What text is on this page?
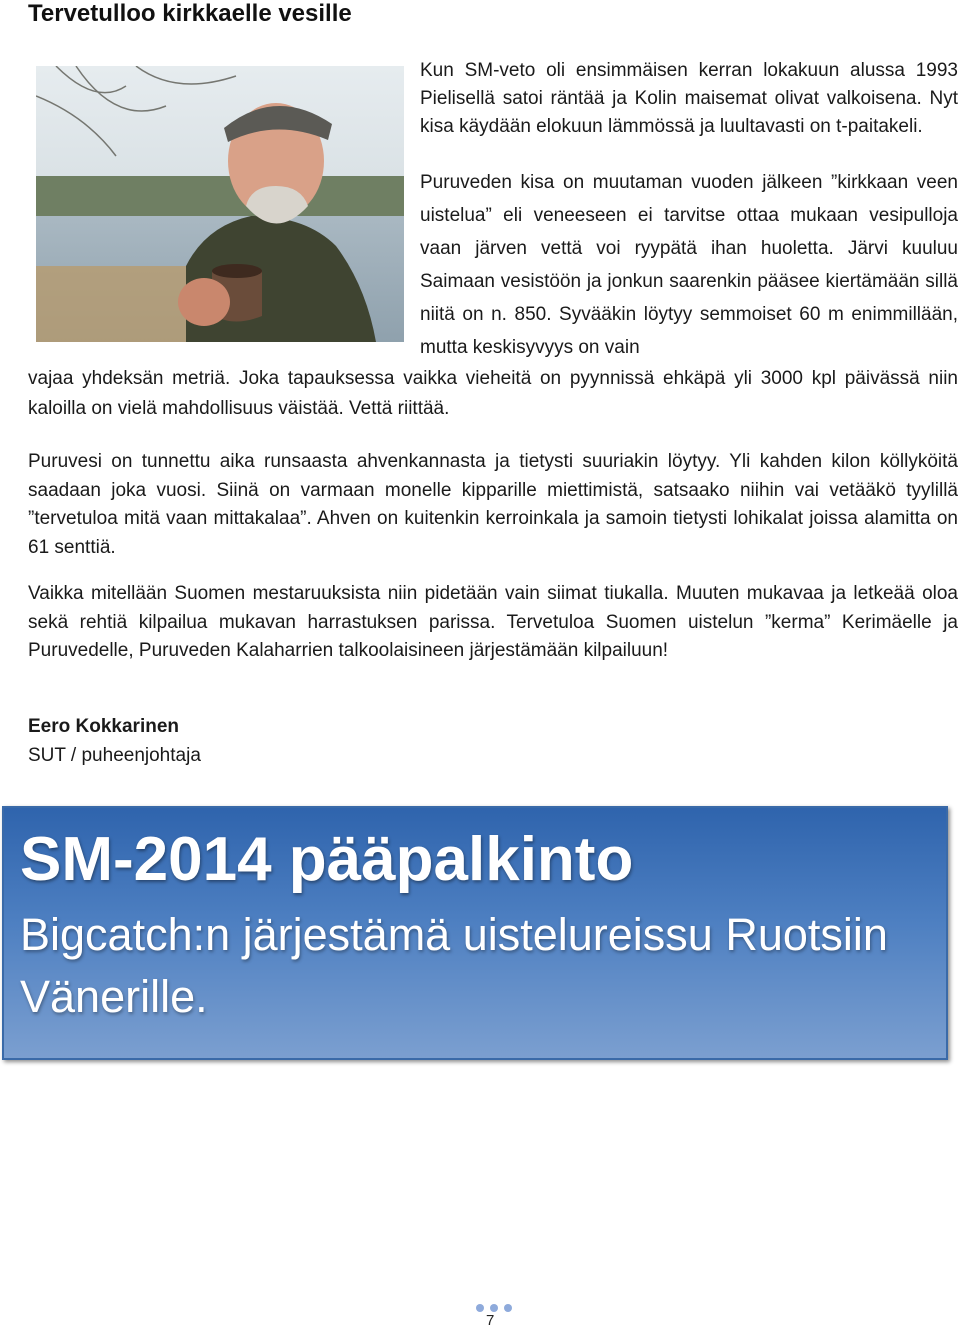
Tervetulloo kirkkaelle vesille

Kun SM-veto oli ensimmäisen kerran lokakuun alussa 1993 Pielisellä satoi räntää ja Kolin maisemat olivat valkoisena. Nyt kisa käydään elokuun lämmössä ja luultavasti on t-paitakeli.

Puruveden kisa on muutaman vuoden jälkeen ”kirkkaan veen uistelua” eli veneeseen ei tarvitse ottaa mukaan vesipulloja vaan järven vettä voi ryypätä ihan huoletta. Järvi kuuluu Saimaan vesistöön ja jonkun saarenkin pääsee kiertämään sillä niitä on n. 850. Syvääkin löytyy semmoiset 60 m enimmillään, mutta keskisyvyys on vain

vajaa yhdeksän metriä. Joka tapauksessa vaikka vieheitä on pyynnissä ehkäpä yli 3000 kpl päivässä niin kaloilla on vielä mahdollisuus väistää. Vettä riittää.

Puruvesi on tunnettu aika runsaasta ahvenkannasta ja tietysti suuriakin löytyy. Yli kahden kilon köllyköitä saadaan joka vuosi. Siinä on varmaan monelle kipparille miettimistä, satsaako niihin vai vetääkö tyylillä ”tervetuloa mitä vaan mittakalaa”. Ahven on kuitenkin kerroinkala ja samoin tietysti lohikalat joissa alamitta on 61 senttiä.

Vaikka mitellään Suomen mestaruuksista niin pidetään vain siimat tiukalla. Muuten mukavaa ja letkeää oloa sekä rehtiä kilpailua mukavan harrastuksen parissa. Tervetuloa Suomen uistelun ”kerma” Kerimäelle ja Puruvedelle, Puruveden Kalaharrien talkoolaisineen järjestämään kilpailuun!

Eero Kokkarinen
SUT / puheenjohtaja
SM-2014 pääpalkinto

Bigcatch:n järjestämä uistelureissu Ruotsiin Vänerille.

7
